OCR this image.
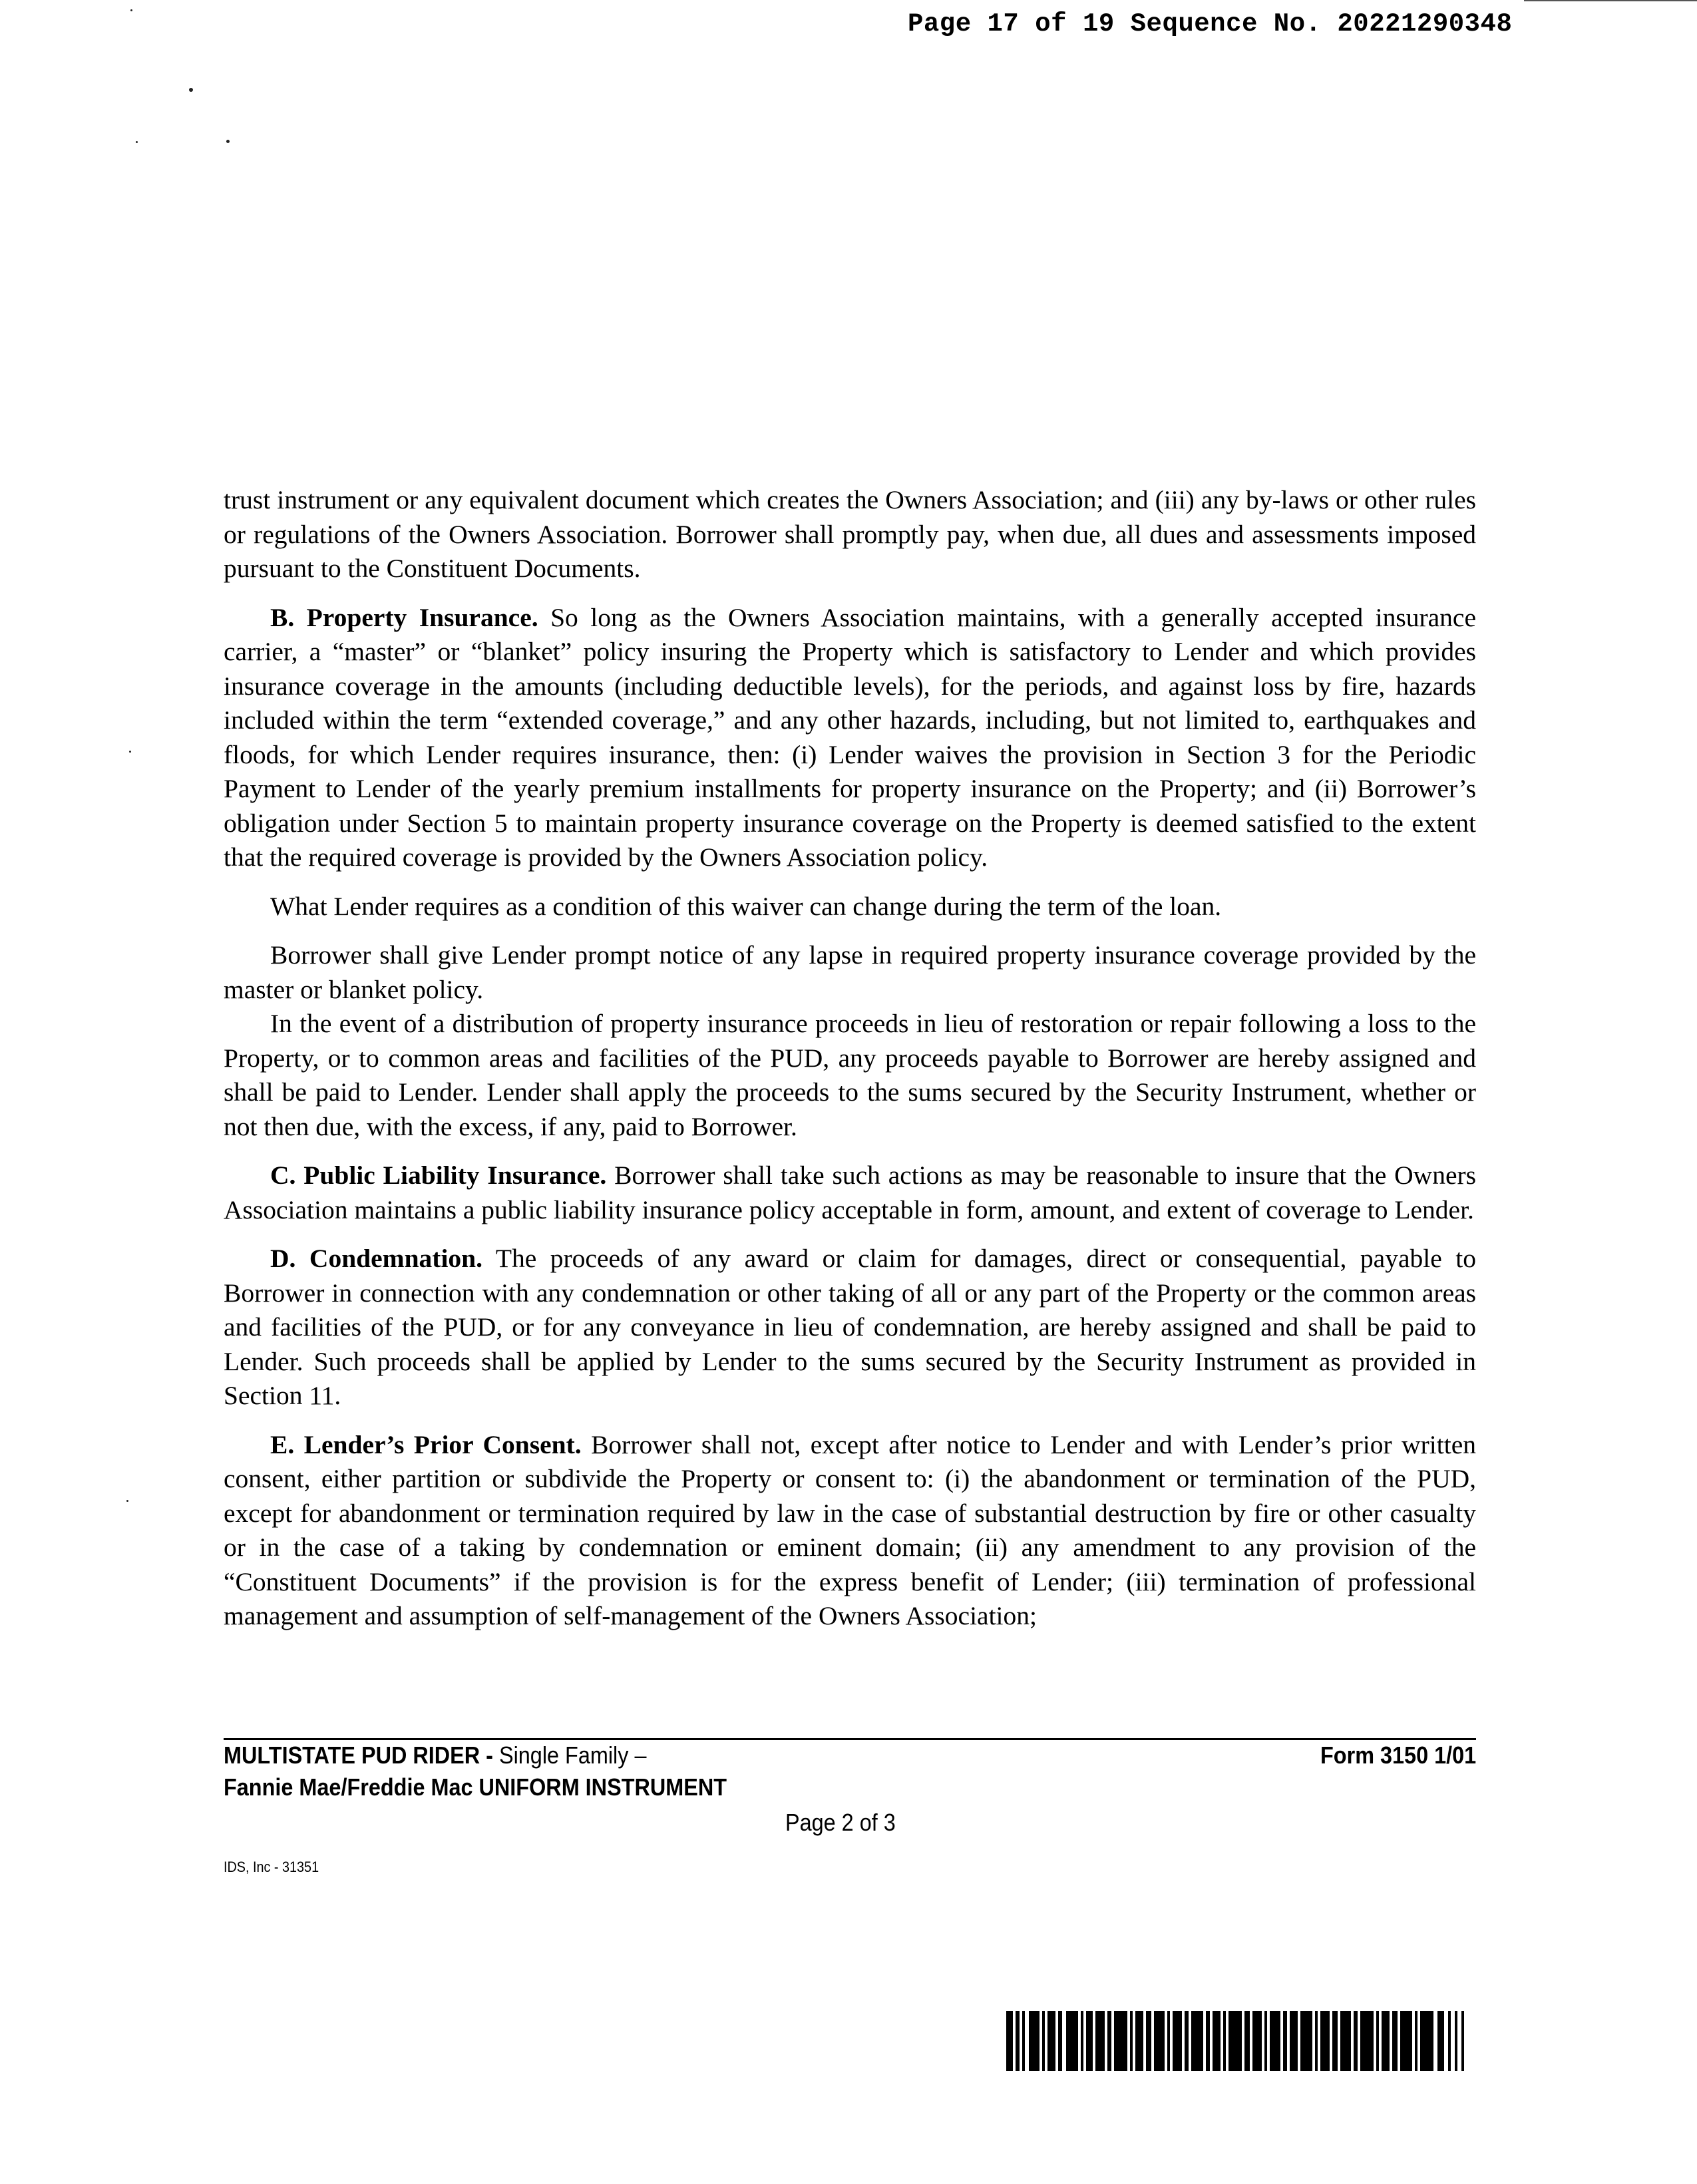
Page 17 of 19 Sequence No. 20221290348

trust instrument or any equivalent document which creates the Owners Association; and (iii) any by-laws or other rules or regulations of the Owners Association. Borrower shall promptly pay, when due, all dues and assessments imposed pursuant to the Constituent Documents.

B. Property Insurance. So long as the Owners Association maintains, with a generally accepted insurance carrier, a “master” or “blanket” policy insuring the Property which is satisfactory to Lender and which provides insurance coverage in the amounts (including deductible levels), for the periods, and against loss by fire, hazards included within the term “extended coverage,” and any other hazards, including, but not limited to, earthquakes and floods, for which Lender requires insurance, then: (i) Lender waives the provision in Section 3 for the Periodic Payment to Lender of the yearly premium installments for property insurance on the Property; and (ii) Borrower’s obligation under Section 5 to maintain property insurance coverage on the Property is deemed satisfied to the extent that the required coverage is provided by the Owners Association policy.

What Lender requires as a condition of this waiver can change during the term of the loan.

Borrower shall give Lender prompt notice of any lapse in required property insurance coverage provided by the master or blanket policy.

In the event of a distribution of property insurance proceeds in lieu of restoration or repair following a loss to the Property, or to common areas and facilities of the PUD, any proceeds payable to Borrower are hereby assigned and shall be paid to Lender. Lender shall apply the proceeds to the sums secured by the Security Instrument, whether or not then due, with the excess, if any, paid to Borrower.

C. Public Liability Insurance. Borrower shall take such actions as may be reasonable to insure that the Owners Association maintains a public liability insurance policy acceptable in form, amount, and extent of coverage to Lender.

D. Condemnation. The proceeds of any award or claim for damages, direct or consequential, payable to Borrower in connection with any condemnation or other taking of all or any part of the Property or the common areas and facilities of the PUD, or for any conveyance in lieu of condemnation, are hereby assigned and shall be paid to Lender. Such proceeds shall be applied by Lender to the sums secured by the Security Instrument as provided in Section 11.

E. Lender’s Prior Consent. Borrower shall not, except after notice to Lender and with Lender’s prior written consent, either partition or subdivide the Property or consent to: (i) the abandonment or termination of the PUD, except for abandonment or termination required by law in the case of substantial destruction by fire or other casualty or in the case of a taking by condemnation or eminent domain; (ii) any amendment to any provision of the “Constituent Documents” if the provision is for the express benefit of Lender; (iii) termination of professional management and assumption of self-management of the Owners Association;

MULTISTATE PUD RIDER - Single Family –
Fannie Mae/Freddie Mac UNIFORM INSTRUMENT
Form 3150 1/01
Page 2 of 3
IDS, Inc - 31351
